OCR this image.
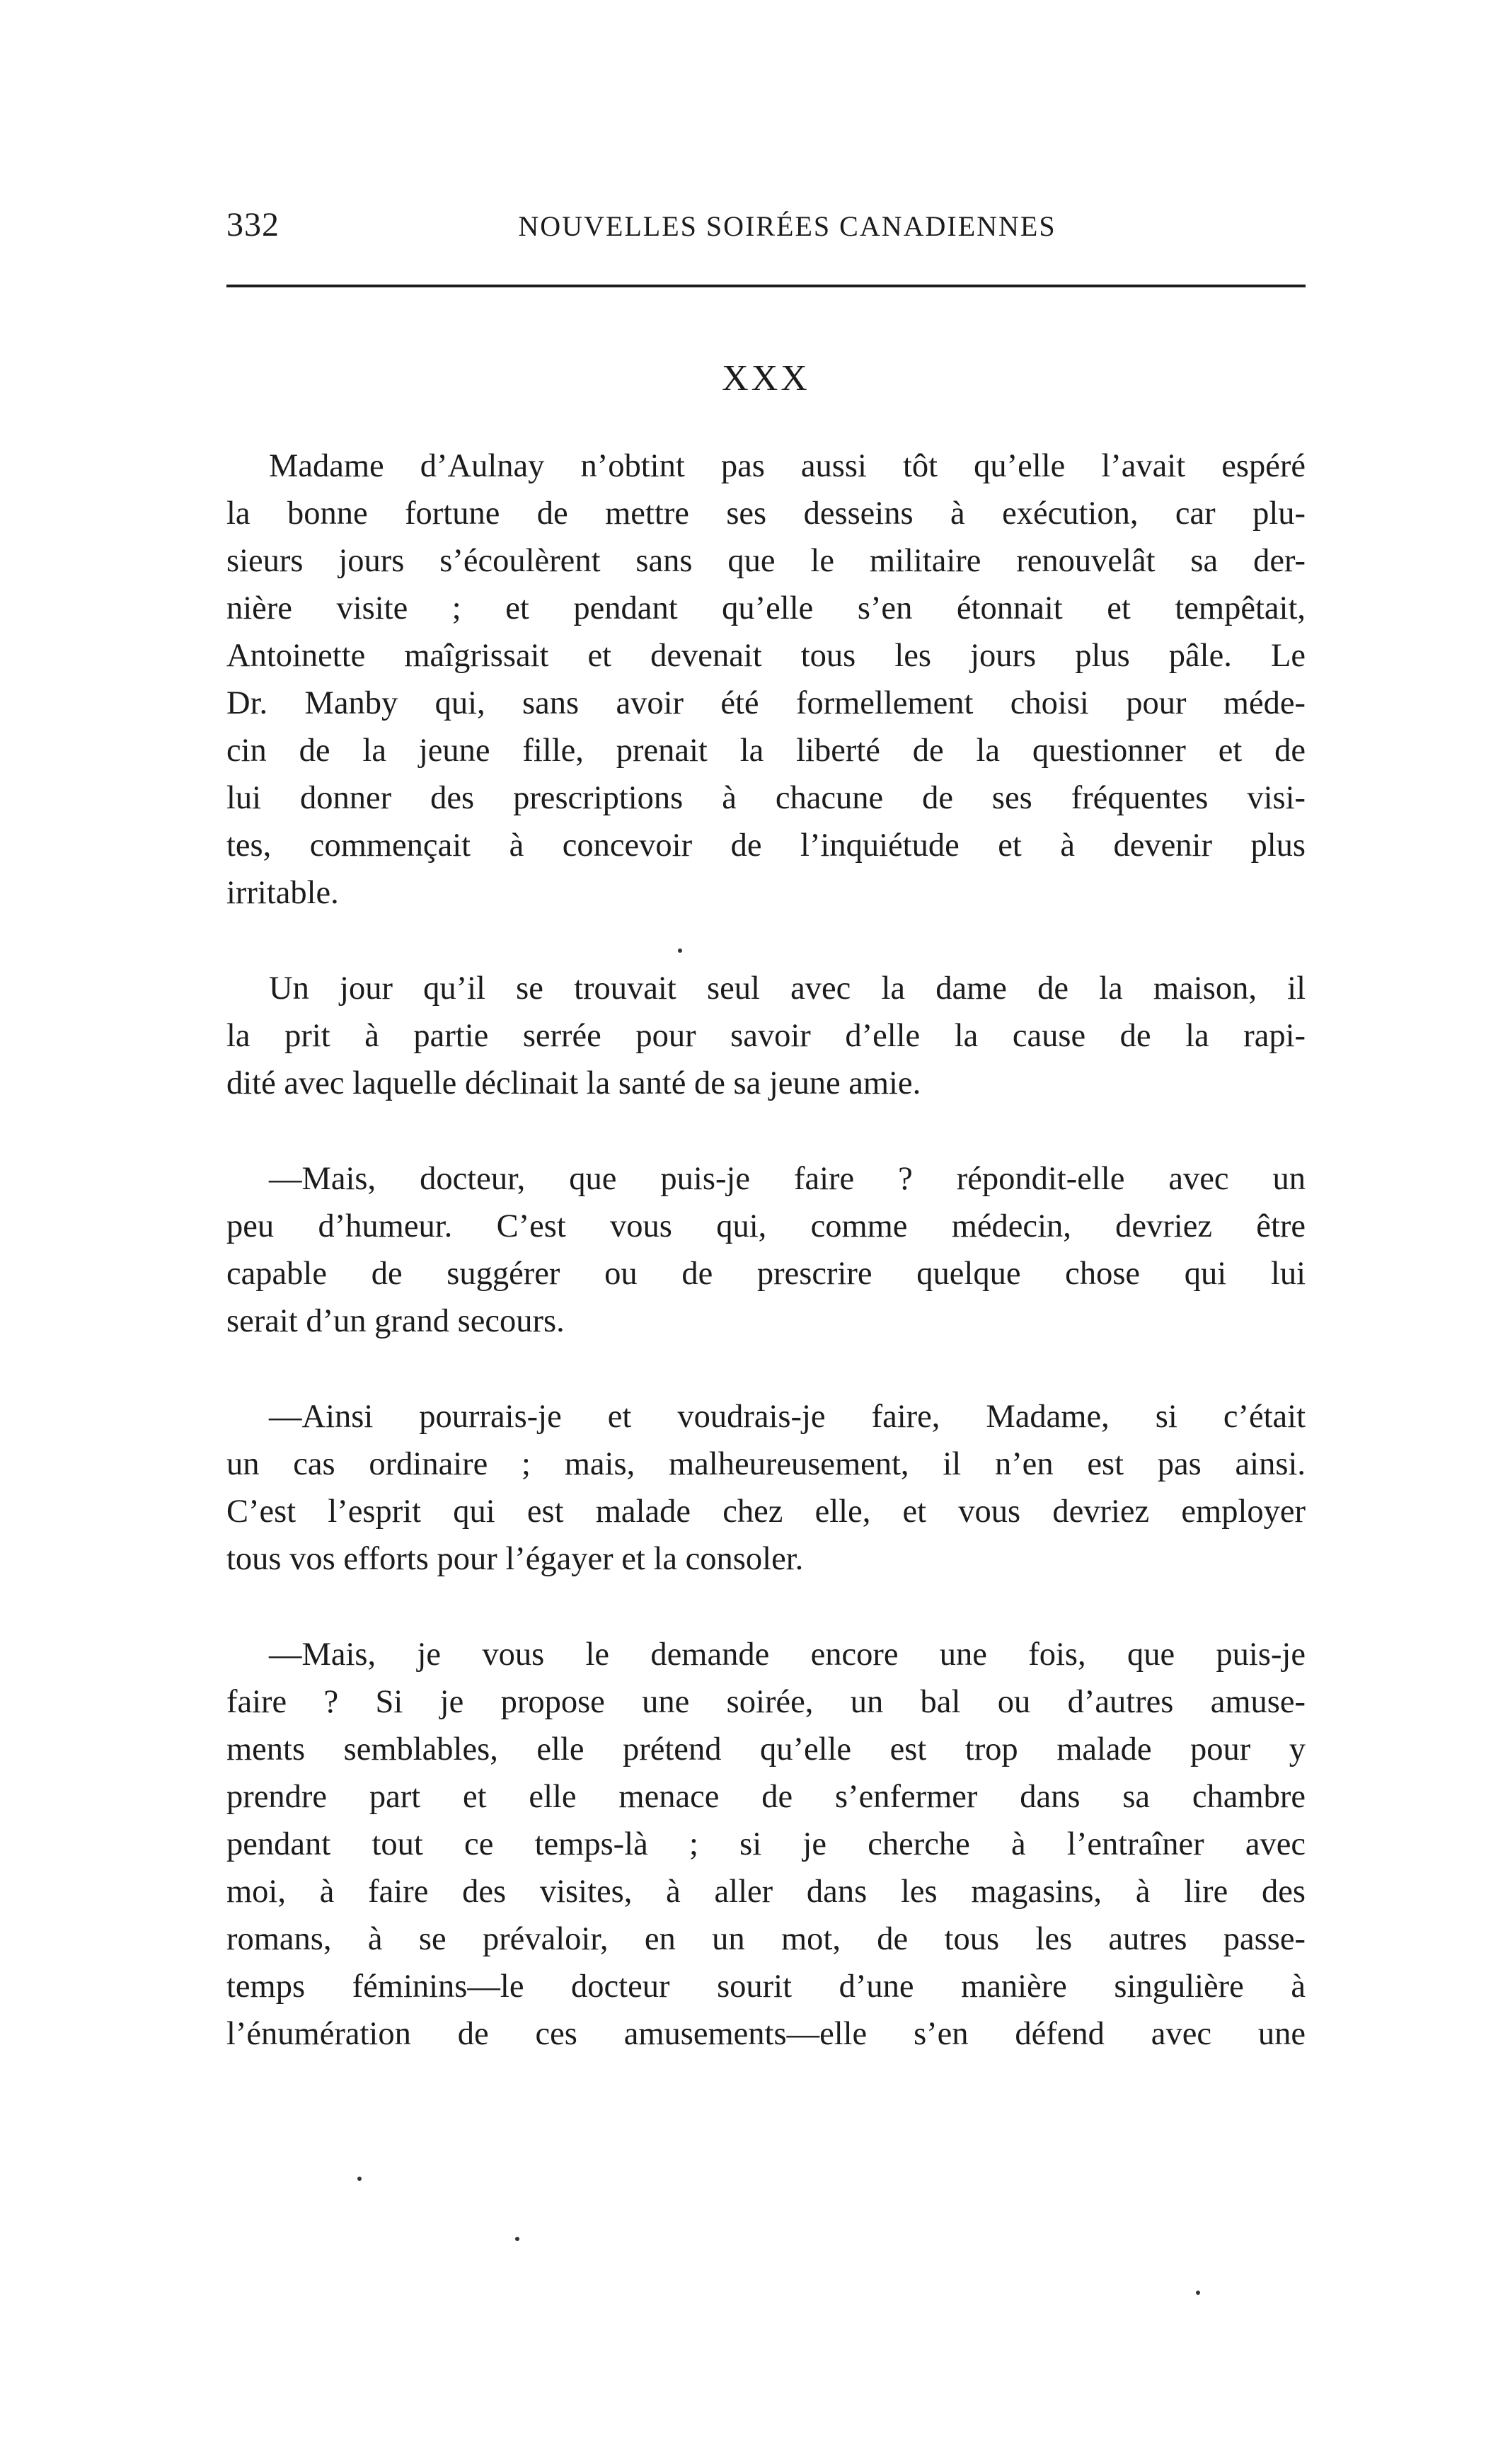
332	NOUVELLES SOIRÉES CANADIENNES
XXX
Madame d’Aulnay n’obtint pas aussi tôt qu’elle l’avait espéré
la bonne fortune de mettre ses desseins à exécution, car plu-
sieurs jours s’écoulèrent sans que le militaire renouvelât sa der-
nière visite ; et pendant qu’elle s’en étonnait et tempêtait,
Antoinette maîgrissait et devenait tous les jours plus pâle. Le
Dr. Manby qui, sans avoir été formellement choisi pour méde-
cin de la jeune fille, prenait la liberté de la questionner et de
lui donner des prescriptions à chacune de ses fréquentes visi-
tes, commençait à concevoir de l’inquiétude et à devenir plus
irritable.
Un jour qu’il se trouvait seul avec la dame de la maison, il
la prit à partie serrée pour savoir d’elle la cause de la rapi-
dité avec laquelle déclinait la santé de sa jeune amie.
—Mais, docteur, que puis-je faire ? répondit-elle avec un
peu d’humeur. C’est vous qui, comme médecin, devriez être
capable de suggérer ou de prescrire quelque chose qui lui
serait d’un grand secours.
—Ainsi pourrais-je et voudrais-je faire, Madame, si c’était
un cas ordinaire ; mais, malheureusement, il n’en est pas ainsi.
C’est l’esprit qui est malade chez elle, et vous devriez employer
tous vos efforts pour l’égayer et la consoler.
—Mais, je vous le demande encore une fois, que puis-je
faire ? Si je propose une soirée, un bal ou d’autres amuse-
ments semblables, elle prétend qu’elle est trop malade pour y
prendre part et elle menace de s’enfermer dans sa chambre
pendant tout ce temps-là ; si je cherche à l’entraîner avec
moi, à faire des visites, à aller dans les magasins, à lire des
romans, à se prévaloir, en un mot, de tous les autres passe-
temps féminins—le docteur sourit d’une manière singulière à
l’énumération de ces amusements—elle s’en défend avec une
